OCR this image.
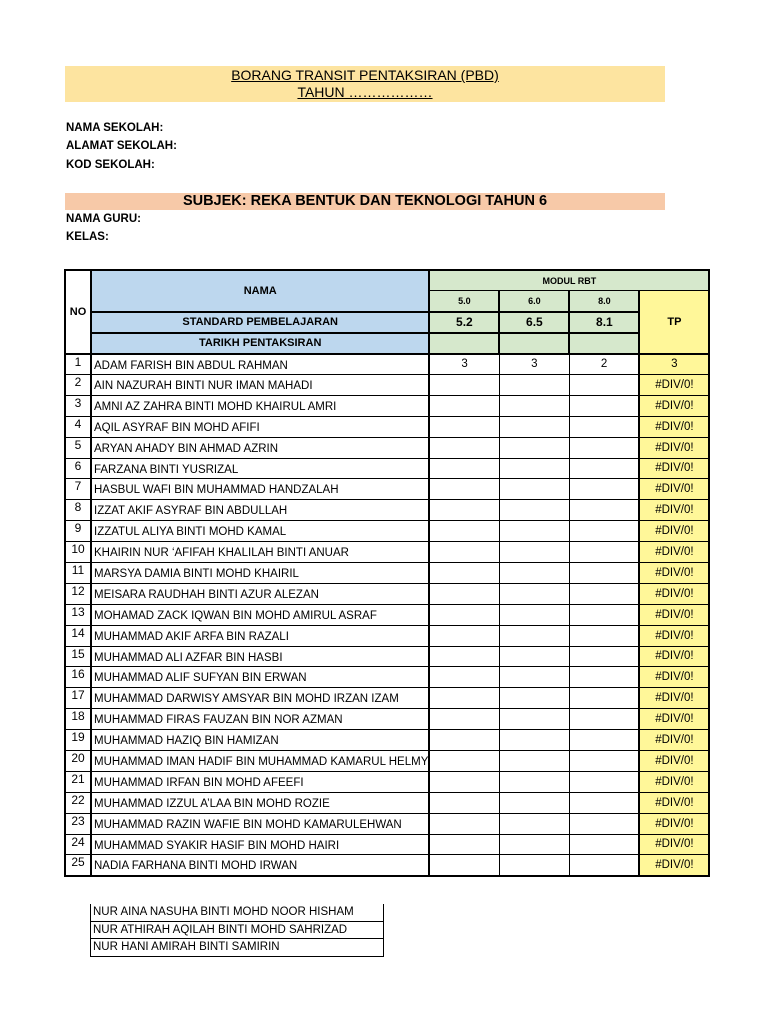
BORANG TRANSIT PENTAKSIRAN (PBD)
TAHUN ………………
NAMA SEKOLAH:
ALAMAT SEKOLAH:
KOD SEKOLAH:
SUBJEK: REKA BENTUK DAN TEKNOLOGI TAHUN 6
NAMA GURU:
KELAS:
NO	NAMA	MODUL RBT			
		5.0	6.0	8.0	TP
	STANDARD PEMBELAJARAN	5.2	6.5	8.1	
	TARIKH PENTAKSIRAN				
1	ADAM FARISH BIN ABDUL RAHMAN	3	3	2	3
2	AIN NAZURAH BINTI NUR IMAN MAHADI				#DIV/0!
3	AMNI AZ ZAHRA BINTI MOHD KHAIRUL AMRI				#DIV/0!
4	AQIL ASYRAF BIN MOHD AFIFI				#DIV/0!
5	ARYAN AHADY BIN AHMAD AZRIN				#DIV/0!
6	FARZANA BINTI YUSRIZAL				#DIV/0!
7	HASBUL WAFI BIN MUHAMMAD HANDZALAH				#DIV/0!
8	IZZAT AKIF ASYRAF BIN ABDULLAH				#DIV/0!
9	IZZATUL ALIYA BINTI MOHD KAMAL				#DIV/0!
10	KHAIRIN NUR ‘AFIFAH KHALILAH BINTI ANUAR				#DIV/0!
11	MARSYA DAMIA BINTI MOHD KHAIRIL				#DIV/0!
12	MEISARA RAUDHAH BINTI AZUR ALEZAN				#DIV/0!
13	MOHAMAD ZACK IQWAN BIN MOHD AMIRUL ASRAF				#DIV/0!
14	MUHAMMAD AKIF ARFA BIN RAZALI				#DIV/0!
15	MUHAMMAD ALI AZFAR BIN HASBI				#DIV/0!
16	MUHAMMAD ALIF SUFYAN BIN ERWAN				#DIV/0!
17	MUHAMMAD DARWISY AMSYAR BIN MOHD IRZAN IZAM				#DIV/0!
18	MUHAMMAD FIRAS FAUZAN BIN NOR AZMAN				#DIV/0!
19	MUHAMMAD HAZIQ BIN HAMIZAN				#DIV/0!
20	MUHAMMAD IMAN HADIF BIN MUHAMMAD KAMARUL HELMY				#DIV/0!
21	MUHAMMAD IRFAN BIN MOHD AFEEFI				#DIV/0!
22	MUHAMMAD IZZUL A’LAA BIN MOHD ROZIE				#DIV/0!
23	MUHAMMAD RAZIN WAFIE BIN MOHD KAMARULEHWAN				#DIV/0!
24	MUHAMMAD SYAKIR HASIF BIN MOHD HAIRI				#DIV/0!
25	NADIA FARHANA BINTI MOHD IRWAN				#DIV/0!
NUR AINA NASUHA BINTI MOHD NOOR HISHAM
NUR ATHIRAH AQILAH BINTI MOHD SAHRIZAD
NUR HANI AMIRAH BINTI SAMIRIN
